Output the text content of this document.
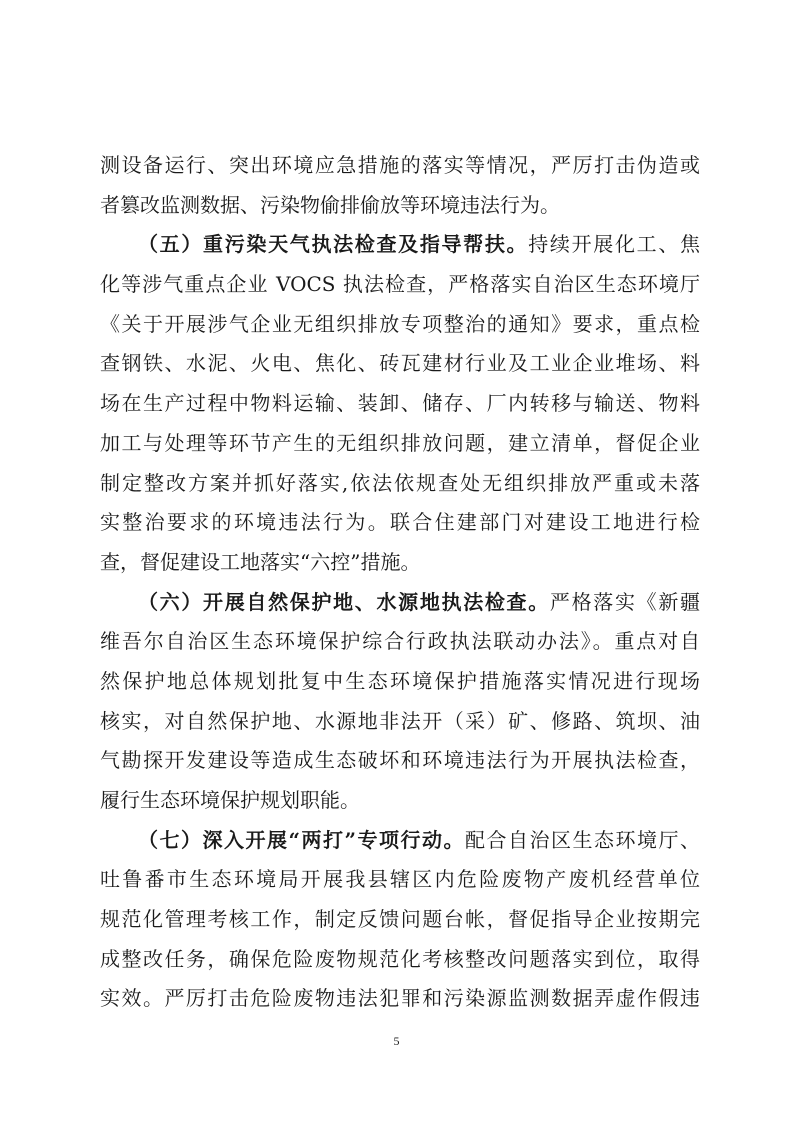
测设备运行、突出环境应急措施的落实等情况，严厉打击伪造或
者篡改监测数据、污染物偷排偷放等环境违法行为。
（五）重污染天气执法检查及指导帮扶。持续开展化工、焦
化等涉气重点企业 VOCS 执法检查，严格落实自治区生态环境厅
《关于开展涉气企业无组织排放专项整治的通知》要求，重点检
查钢铁、水泥、火电、焦化、砖瓦建材行业及工业企业堆场、料
场在生产过程中物料运输、装卸、储存、厂内转移与输送、物料
加工与处理等环节产生的无组织排放问题，建立清单，督促企业
制定整改方案并抓好落实,依法依规查处无组织排放严重或未落
实整治要求的环境违法行为。联合住建部门对建设工地进行检
查，督促建设工地落实“六控”措施。
（六）开展自然保护地、水源地执法检查。严格落实《新疆
维吾尔自治区生态环境保护综合行政执法联动办法》。重点对自
然保护地总体规划批复中生态环境保护措施落实情况进行现场
核实，对自然保护地、水源地非法开（采）矿、修路、筑坝、油
气勘探开发建设等造成生态破坏和环境违法行为开展执法检查，
履行生态环境保护规划职能。
（七）深入开展“两打”专项行动。配合自治区生态环境厅、
吐鲁番市生态环境局开展我县辖区内危险废物产废机经营单位
规范化管理考核工作，制定反馈问题台帐，督促指导企业按期完
成整改任务，确保危险废物规范化考核整改问题落实到位，取得
实效。严厉打击危险废物违法犯罪和污染源监测数据弄虚作假违
5
